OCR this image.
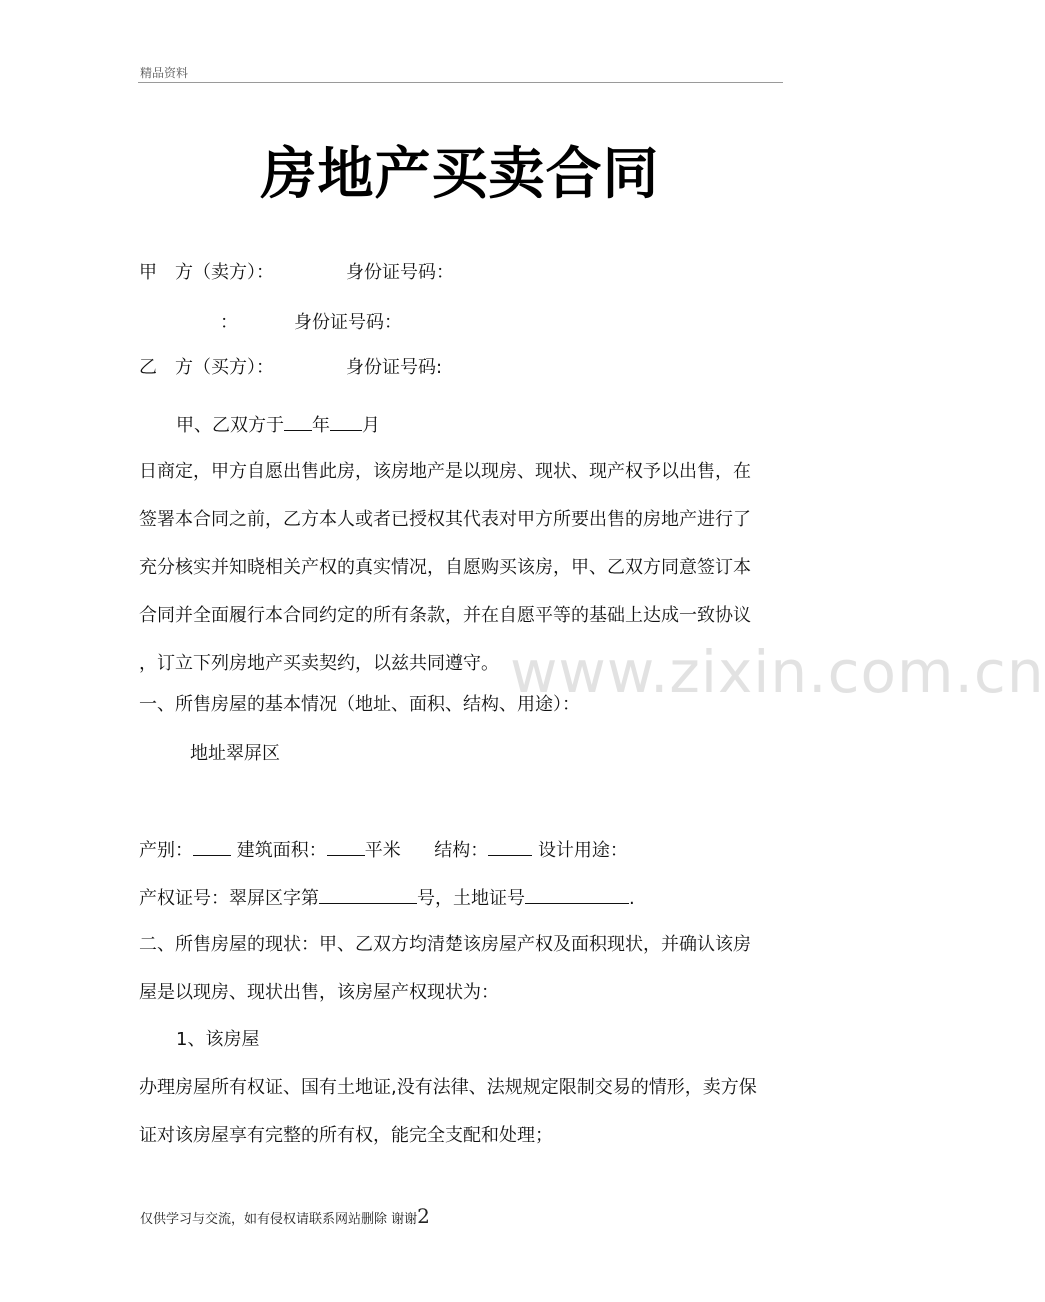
精品资料
房地产买卖合同
甲　方（卖方）：	身份证号码：
：	身份证号码：
乙　方（买方）：	身份证号码:
甲、乙双方于 年 月
日商定，甲方自愿出售此房，该房地产是以现房、现状、现产权予以出售，在
签署本合同之前，乙方本人或者已授权其代表对甲方所要出售的房地产进行了
充分核实并知晓相关产权的真实情况，自愿购买该房，甲、乙双方同意签订本
合同并全面履行本合同约定的所有条款，并在自愿平等的基础上达成一致协议
，订立下列房地产买卖契约，以兹共同遵守。 www.zixin.com.cn
一、所售房屋的基本情况（地址、面积、结构、用途）：
地址翠屏区
产别： 建筑面积： 平米 结构：	设计用途：
产权证号：翠屏区字第	号，土地证号	.
二、所售房屋的现状：甲、乙双方均清楚该房屋产权及面积现状，并确认该房
屋是以现房、现状出售，该房屋产权现状为：
1、该房屋
办理房屋所有权证、国有土地证,没有法律、法规规定限制交易的情形，卖方保
证对该房屋享有完整的所有权，能完全支配和处理；
仅供学习与交流，如有侵权请联系网站删除 谢谢2
